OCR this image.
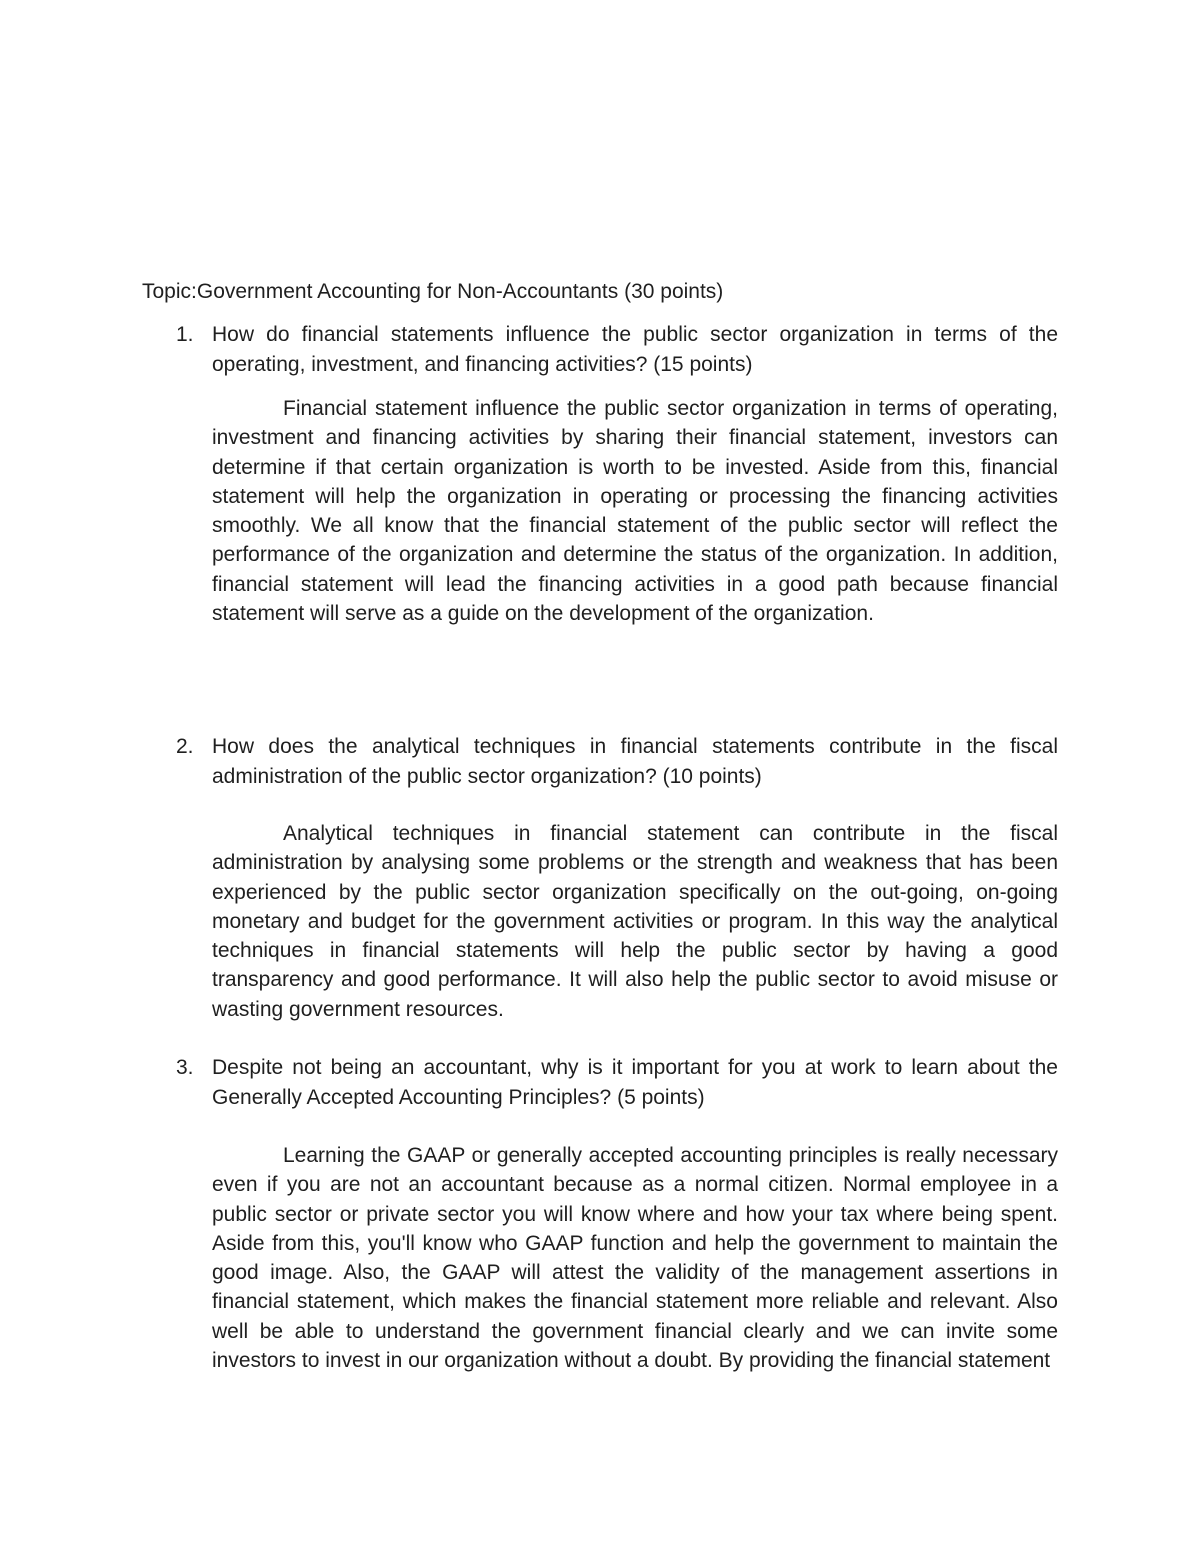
Topic:Government Accounting for Non-Accountants (30 points)
1. How do financial statements influence the public sector organization in terms of the operating, investment, and financing activities? (15 points)
Financial statement influence the public sector organization in terms of operating, investment and financing activities by sharing their financial statement, investors can determine if that certain organization is worth to be invested. Aside from this, financial statement will help the organization in operating or processing the financing activities smoothly. We all know that the financial statement of the public sector will reflect the performance of the organization and determine the status of the organization. In addition, financial statement will lead the financing activities in a good path because financial statement will serve as a guide on the development of the organization.
2. How does the analytical techniques in financial statements contribute in the fiscal administration of the public sector organization? (10 points)
Analytical techniques in financial statement can contribute in the fiscal administration by analysing some problems or the strength and weakness that has been experienced by the public sector organization specifically on the out-going, on-going monetary and budget for the government activities or program. In this way the analytical techniques in financial statements will help the public sector by having a good transparency and good performance. It will also help the public sector to avoid misuse or wasting government resources.
3. Despite not being an accountant, why is it important for you at work to learn about the Generally Accepted Accounting Principles? (5 points)
Learning the GAAP or generally accepted accounting principles is really necessary even if you are not an accountant because as a normal citizen. Normal employee in a public sector or private sector you will know where and how your tax where being spent. Aside from this, you'll know who GAAP function and help the government to maintain the good image. Also, the GAAP will attest the validity of the management assertions in financial statement, which makes the financial statement more reliable and relevant. Also well be able to understand the government financial clearly and we can invite some investors to invest in our organization without a doubt. By providing the financial statement
